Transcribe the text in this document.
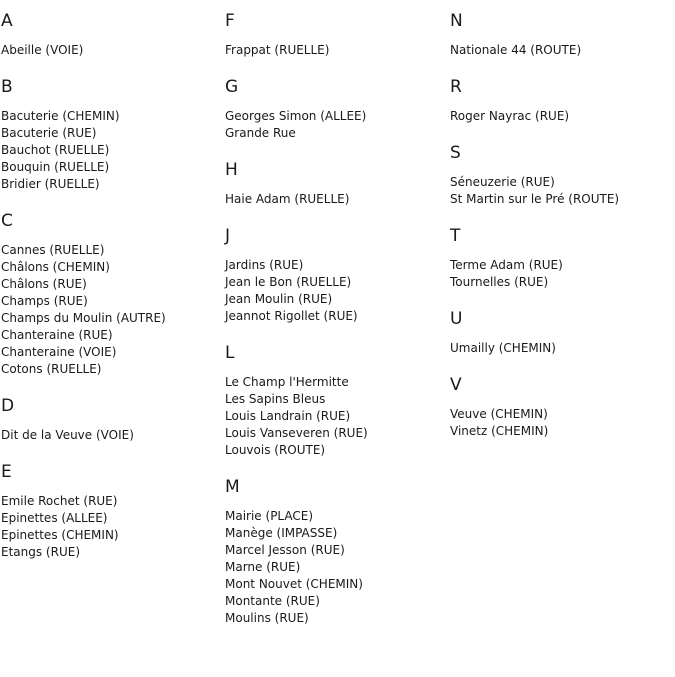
A
Abeille (VOIE)
B
Bacuterie (CHEMIN)
Bacuterie (RUE)
Bauchot (RUELLE)
Bouquin (RUELLE)
Bridier (RUELLE)
C
Cannes (RUELLE)
Châlons (CHEMIN)
Châlons (RUE)
Champs (RUE)
Champs du Moulin (AUTRE)
Chanteraine (RUE)
Chanteraine (VOIE)
Cotons (RUELLE)
D
Dit de la Veuve (VOIE)
E
Emile Rochet (RUE)
Epinettes (ALLEE)
Epinettes (CHEMIN)
Etangs (RUE)
F
Frappat (RUELLE)
G
Georges Simon (ALLEE)
Grande Rue
H
Haie Adam (RUELLE)
J
Jardins (RUE)
Jean le Bon (RUELLE)
Jean Moulin (RUE)
Jeannot Rigollet (RUE)
L
Le Champ l'Hermitte
Les Sapins Bleus
Louis Landrain (RUE)
Louis Vanseveren (RUE)
Louvois (ROUTE)
M
Mairie (PLACE)
Manège (IMPASSE)
Marcel Jesson (RUE)
Marne (RUE)
Mont Nouvet (CHEMIN)
Montante (RUE)
Moulins (RUE)
N
Nationale 44 (ROUTE)
R
Roger Nayrac (RUE)
S
Séneuzerie (RUE)
St Martin sur le Pré (ROUTE)
T
Terme Adam (RUE)
Tournelles (RUE)
U
Umailly (CHEMIN)
V
Veuve (CHEMIN)
Vinetz (CHEMIN)
